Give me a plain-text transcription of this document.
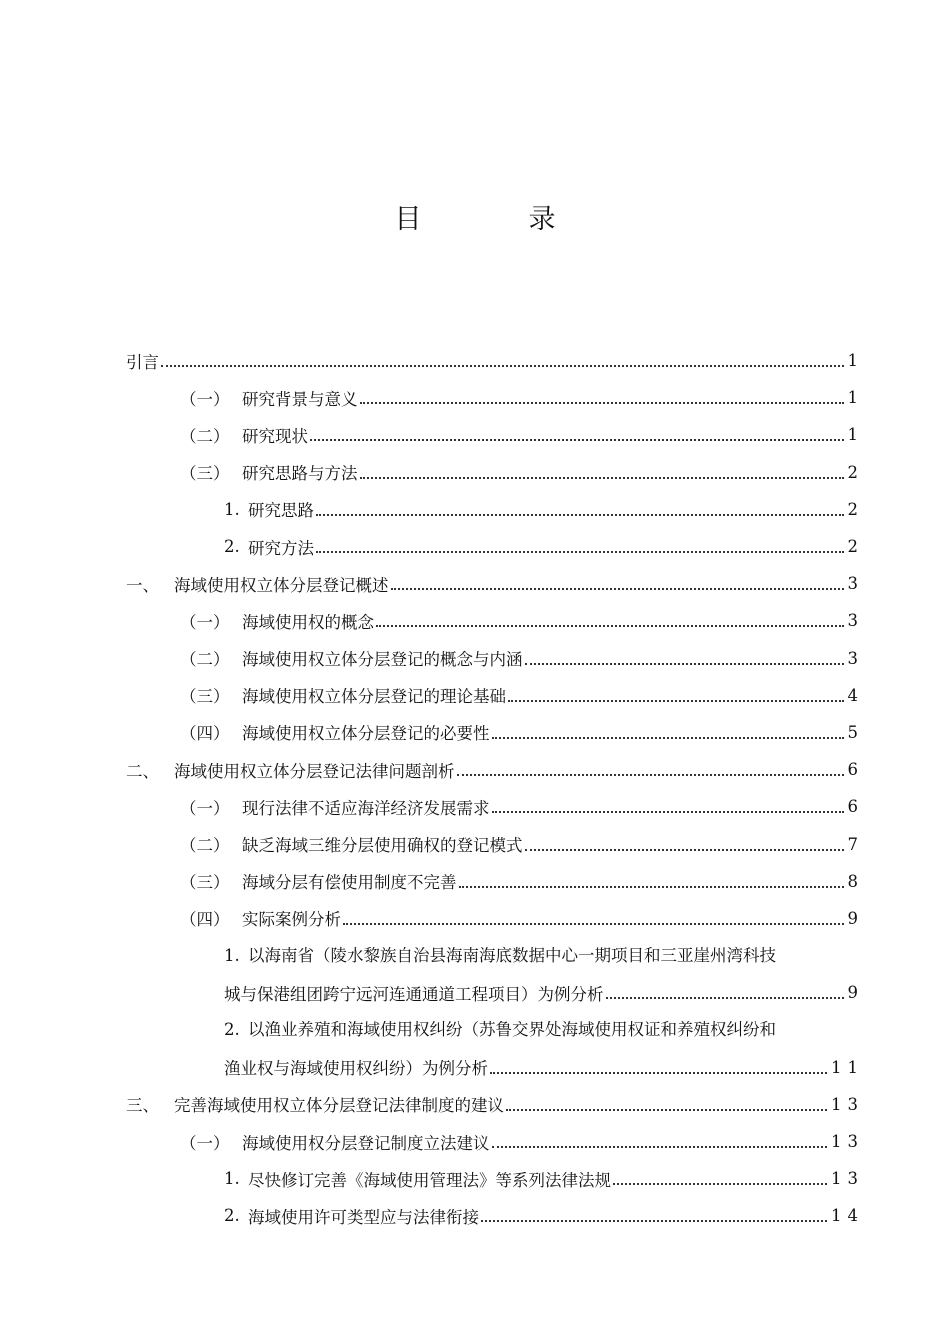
目　录
引言	1
（一） 研究背景与意义	1
（二） 研究现状	1
（三） 研究思路与方法	2
1. 研究思路	2
2. 研究方法	2
一、 海域使用权立体分层登记概述	3
（一） 海域使用权的概念	3
（二） 海域使用权立体分层登记的概念与内涵	3
（三） 海域使用权立体分层登记的理论基础	4
（四） 海域使用权立体分层登记的必要性	5
二、 海域使用权立体分层登记法律问题剖析	6
（一） 现行法律不适应海洋经济发展需求	6
（二） 缺乏海域三维分层使用确权的登记模式	7
（三） 海域分层有偿使用制度不完善	8
（四） 实际案例分析	9
1. 以海南省（陵水黎族自治县海南海底数据中心一期项目和三亚崖州湾科技
城与保港组团跨宁远河连通通道工程项目）为例分析	9
2. 以渔业养殖和海域使用权纠纷（苏鲁交界处海域使用权证和养殖权纠纷和
渔业权与海域使用权纠纷）为例分析	11
三、 完善海域使用权立体分层登记法律制度的建议	13
（一） 海域使用权分层登记制度立法建议	13
1. 尽快修订完善《海域使用管理法》等系列法律法规	13
2. 海域使用许可类型应与法律衔接	14
